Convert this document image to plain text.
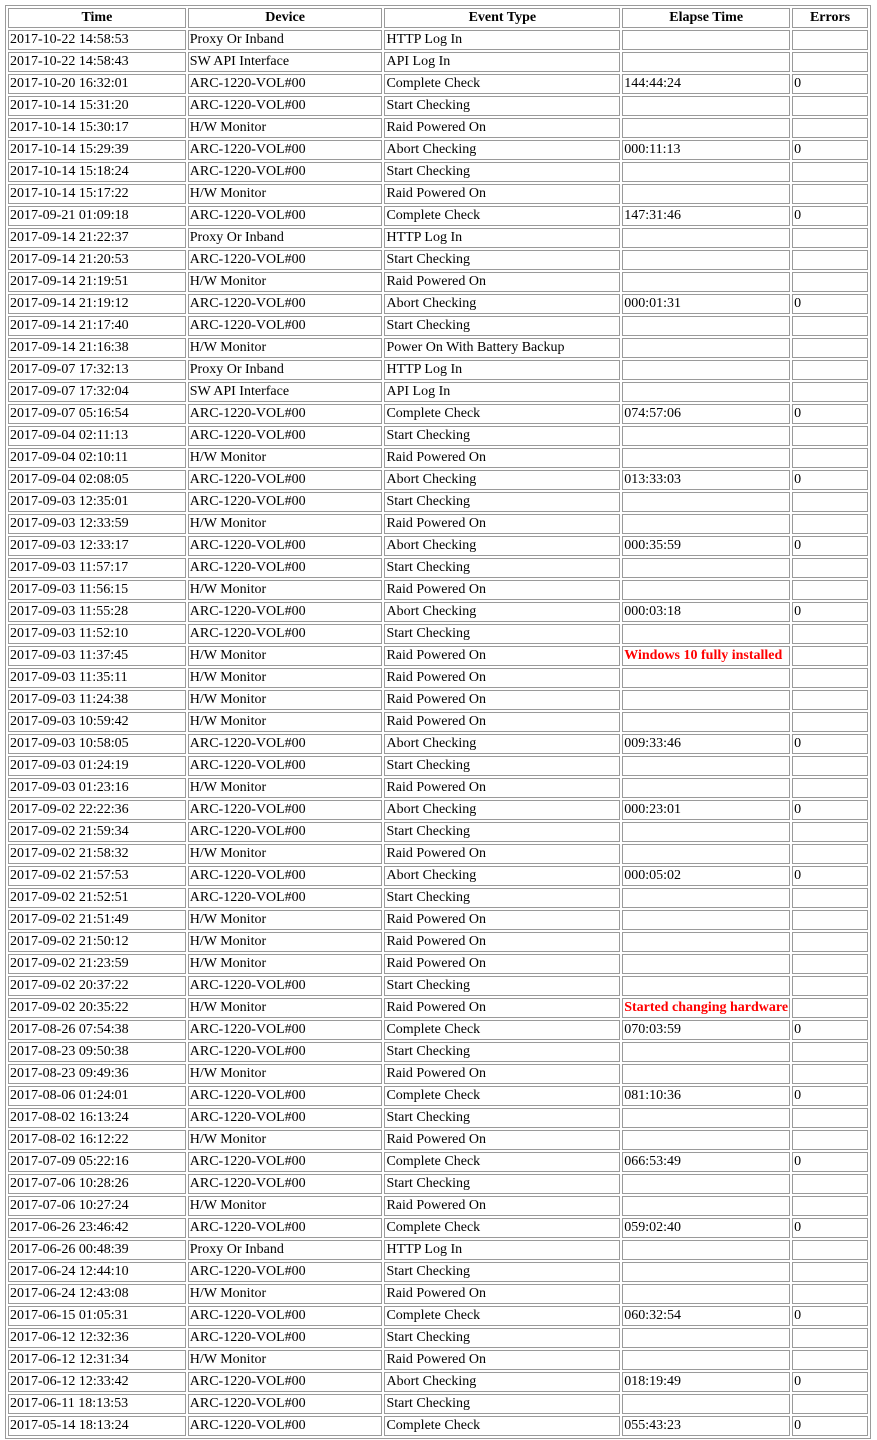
Time	Device	Event Type	Elapse Time	Errors
2017-10-22 14:58:53	Proxy Or Inband	HTTP Log In		
2017-10-22 14:58:43	SW API Interface	API Log In		
2017-10-20 16:32:01	ARC-1220-VOL#00	Complete Check	144:44:24	0
2017-10-14 15:31:20	ARC-1220-VOL#00	Start Checking		
2017-10-14 15:30:17	H/W Monitor	Raid Powered On		
2017-10-14 15:29:39	ARC-1220-VOL#00	Abort Checking	000:11:13	0
2017-10-14 15:18:24	ARC-1220-VOL#00	Start Checking		
2017-10-14 15:17:22	H/W Monitor	Raid Powered On		
2017-09-21 01:09:18	ARC-1220-VOL#00	Complete Check	147:31:46	0
2017-09-14 21:22:37	Proxy Or Inband	HTTP Log In		
2017-09-14 21:20:53	ARC-1220-VOL#00	Start Checking		
2017-09-14 21:19:51	H/W Monitor	Raid Powered On		
2017-09-14 21:19:12	ARC-1220-VOL#00	Abort Checking	000:01:31	0
2017-09-14 21:17:40	ARC-1220-VOL#00	Start Checking		
2017-09-14 21:16:38	H/W Monitor	Power On With Battery Backup		
2017-09-07 17:32:13	Proxy Or Inband	HTTP Log In		
2017-09-07 17:32:04	SW API Interface	API Log In		
2017-09-07 05:16:54	ARC-1220-VOL#00	Complete Check	074:57:06	0
2017-09-04 02:11:13	ARC-1220-VOL#00	Start Checking		
2017-09-04 02:10:11	H/W Monitor	Raid Powered On		
2017-09-04 02:08:05	ARC-1220-VOL#00	Abort Checking	013:33:03	0
2017-09-03 12:35:01	ARC-1220-VOL#00	Start Checking		
2017-09-03 12:33:59	H/W Monitor	Raid Powered On		
2017-09-03 12:33:17	ARC-1220-VOL#00	Abort Checking	000:35:59	0
2017-09-03 11:57:17	ARC-1220-VOL#00	Start Checking		
2017-09-03 11:56:15	H/W Monitor	Raid Powered On		
2017-09-03 11:55:28	ARC-1220-VOL#00	Abort Checking	000:03:18	0
2017-09-03 11:52:10	ARC-1220-VOL#00	Start Checking		
2017-09-03 11:37:45	H/W Monitor	Raid Powered On	Windows 10 fully installed	
2017-09-03 11:35:11	H/W Monitor	Raid Powered On		
2017-09-03 11:24:38	H/W Monitor	Raid Powered On		
2017-09-03 10:59:42	H/W Monitor	Raid Powered On		
2017-09-03 10:58:05	ARC-1220-VOL#00	Abort Checking	009:33:46	0
2017-09-03 01:24:19	ARC-1220-VOL#00	Start Checking		
2017-09-03 01:23:16	H/W Monitor	Raid Powered On		
2017-09-02 22:22:36	ARC-1220-VOL#00	Abort Checking	000:23:01	0
2017-09-02 21:59:34	ARC-1220-VOL#00	Start Checking		
2017-09-02 21:58:32	H/W Monitor	Raid Powered On		
2017-09-02 21:57:53	ARC-1220-VOL#00	Abort Checking	000:05:02	0
2017-09-02 21:52:51	ARC-1220-VOL#00	Start Checking		
2017-09-02 21:51:49	H/W Monitor	Raid Powered On		
2017-09-02 21:50:12	H/W Monitor	Raid Powered On		
2017-09-02 21:23:59	H/W Monitor	Raid Powered On		
2017-09-02 20:37:22	ARC-1220-VOL#00	Start Checking		
2017-09-02 20:35:22	H/W Monitor	Raid Powered On	Started changing hardware	
2017-08-26 07:54:38	ARC-1220-VOL#00	Complete Check	070:03:59	0
2017-08-23 09:50:38	ARC-1220-VOL#00	Start Checking		
2017-08-23 09:49:36	H/W Monitor	Raid Powered On		
2017-08-06 01:24:01	ARC-1220-VOL#00	Complete Check	081:10:36	0
2017-08-02 16:13:24	ARC-1220-VOL#00	Start Checking		
2017-08-02 16:12:22	H/W Monitor	Raid Powered On		
2017-07-09 05:22:16	ARC-1220-VOL#00	Complete Check	066:53:49	0
2017-07-06 10:28:26	ARC-1220-VOL#00	Start Checking		
2017-07-06 10:27:24	H/W Monitor	Raid Powered On		
2017-06-26 23:46:42	ARC-1220-VOL#00	Complete Check	059:02:40	0
2017-06-26 00:48:39	Proxy Or Inband	HTTP Log In		
2017-06-24 12:44:10	ARC-1220-VOL#00	Start Checking		
2017-06-24 12:43:08	H/W Monitor	Raid Powered On		
2017-06-15 01:05:31	ARC-1220-VOL#00	Complete Check	060:32:54	0
2017-06-12 12:32:36	ARC-1220-VOL#00	Start Checking		
2017-06-12 12:31:34	H/W Monitor	Raid Powered On		
2017-06-12 12:33:42	ARC-1220-VOL#00	Abort Checking	018:19:49	0
2017-06-11 18:13:53	ARC-1220-VOL#00	Start Checking		
2017-05-14 18:13:24	ARC-1220-VOL#00	Complete Check	055:43:23	0
